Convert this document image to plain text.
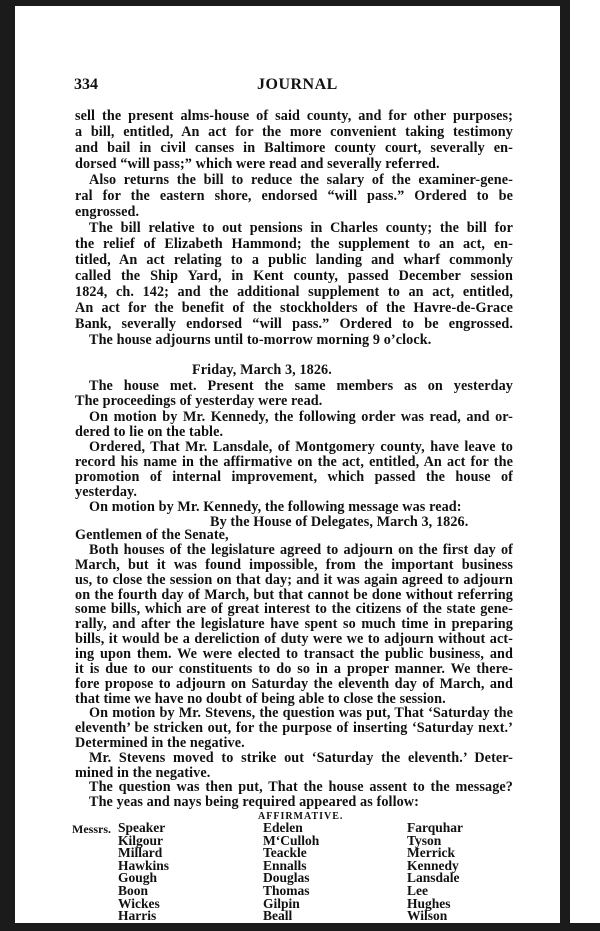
334	JOURNAL
sell the present alms-house of said county, and for other purposes;
a bill, entitled, An act for the more convenient taking testimony
and bail in civil canses in Baltimore county court, severally en-
dorsed “will pass;” which were read and severally referred.
Also returns the bill to reduce the salary of the examiner-gene-
ral for the eastern shore, endorsed “will pass.” Ordered to be
engrossed.
The bill relative to out pensions in Charles county; the bill for
the relief of Elizabeth Hammond; the supplement to an act, en-
titled, An act relating to a public landing and wharf commonly
called the Ship Yard, in Kent county, passed December session
1824, ch. 142; and the additional supplement to an act, entitled,
An act for the benefit of the stockholders of the Havre-de-Grace
Bank, severally endorsed “will pass.” Ordered to be engrossed.
The house adjourns until to-morrow morning 9 o’clock.
Friday, March 3, 1826.
The house met. Present the same members as on yesterday
The proceedings of yesterday were read.
On motion by Mr. Kennedy, the following order was read, and or-
dered to lie on the table.
Ordered, That Mr. Lansdale, of Montgomery county, have leave to
record his name in the affirmative on the act, entitled, An act for the
promotion of internal improvement, which passed the house of
yesterday.
On motion by Mr. Kennedy, the following message was read:
By the House of Delegates, March 3, 1826.
Gentlemen of the Senate,
Both houses of the legislature agreed to adjourn on the first day of
March, but it was found impossible, from the important business
us, to close the session on that day; and it was again agreed to adjourn
on the fourth day of March, but that cannot be done without referring
some bills, which are of great interest to the citizens of the state gene-
rally, and after the legislature have spent so much time in preparing
bills, it would be a dereliction of duty were we to adjourn without act-
ing upon them. We were elected to transact the public business, and
it is due to our constituents to do so in a proper manner. We there-
fore propose to adjourn on Saturday the eleventh day of March, and
that time we have no doubt of being able to close the session.
On motion by Mr. Stevens, the question was put, That ‘Saturday the
eleventh’ be stricken out, for the purpose of inserting ‘Saturday next.’
Determined in the negative.
Mr. Stevens moved to strike out ‘Saturday the eleventh.’ Deter-
mined in the negative.
The question was then put, That the house assent to the message?
The yeas and nays being required appeared as follow:
AFFIRMATIVE.
Messrs. Speaker
Kilgour
Millard
Hawkins
Gough
Boon
Wickes
Harris
Edelen
M‘Culloh
Teackle
Ennalls
Douglas
Thomas
Gilpin
Beall
Farquhar
Tyson
Merrick
Kennedy
Lansdale
Lee
Hughes
Wilson
